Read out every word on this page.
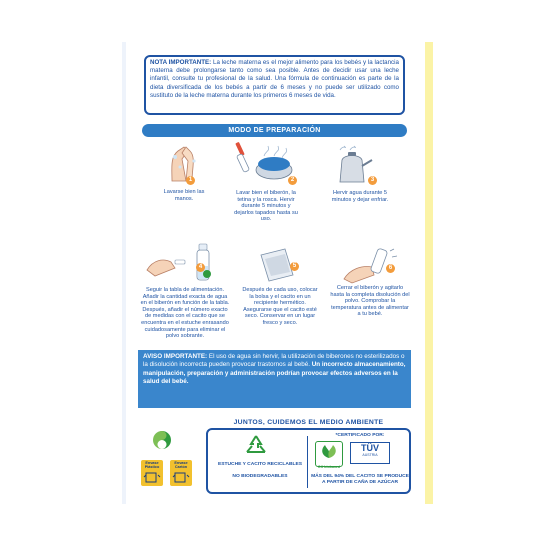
NOTA IMPORTANTE: La leche materna es el mejor alimento para los bebés y la lactancia materna debe prolongarse tanto como sea posible. Antes de decidir usar una leche infantil, consulte tu profesional de la salud. Una fórmula de continuación es parte de la dieta diversificada de los bebés a partir de 6 meses y no puede ser utilizado como sustituto de la leche materna durante los primeros 6 meses de vida.
MODO DE PREPARACIÓN
1
Lavarse bien las manos.
2
Lavar bien el biberón, la tetina y la rosca. Hervir durante 5 minutos y dejarlos tapados hasta su uso.
3
Hervir agua durante 5 minutos y dejar enfriar.
4
Seguir la tabla de alimentación. Añadir la cantidad exacta de agua en el biberón en función de la tabla. Después, añadir el número exacto de medidas con el cacito que se encuentra en el estuche enrasando cuidadosamente para eliminar el polvo sobrante.
5
Después de cada uso, colocar la bolsa y el cacito en un recipiente hermético. Asegurarse que el cacito esté seco. Conservar en un lugar fresco y seco.
6
Cerrar el biberón y agitarlo hasta la completa disolución del polvo. Comprobar la temperatura antes de alimentar a tu bebé.
AVISO IMPORTANTE: El uso de agua sin hervir, la utilización de biberones no esterilizados o la disolución incorrecta pueden provocar trastornos al bebé. Un incorrecto almacenamiento, manipulación, preparación y administración podrían provocar efectos adversos en la salud del bebé.
Envase Plástico
Envase Cartón
JUNTOS, CUIDEMOS EL MEDIO AMBIENTE
ESTUCHE Y CACITO RECICLABLES
NO BIODEGRADABLES
*CERTIFICADO POR:
OK biobased
TÜV
AUSTRIA
MÁS DEL 94% DEL CACITO SE PRODUCE A PARTIR DE CAÑA DE AZÚCAR
